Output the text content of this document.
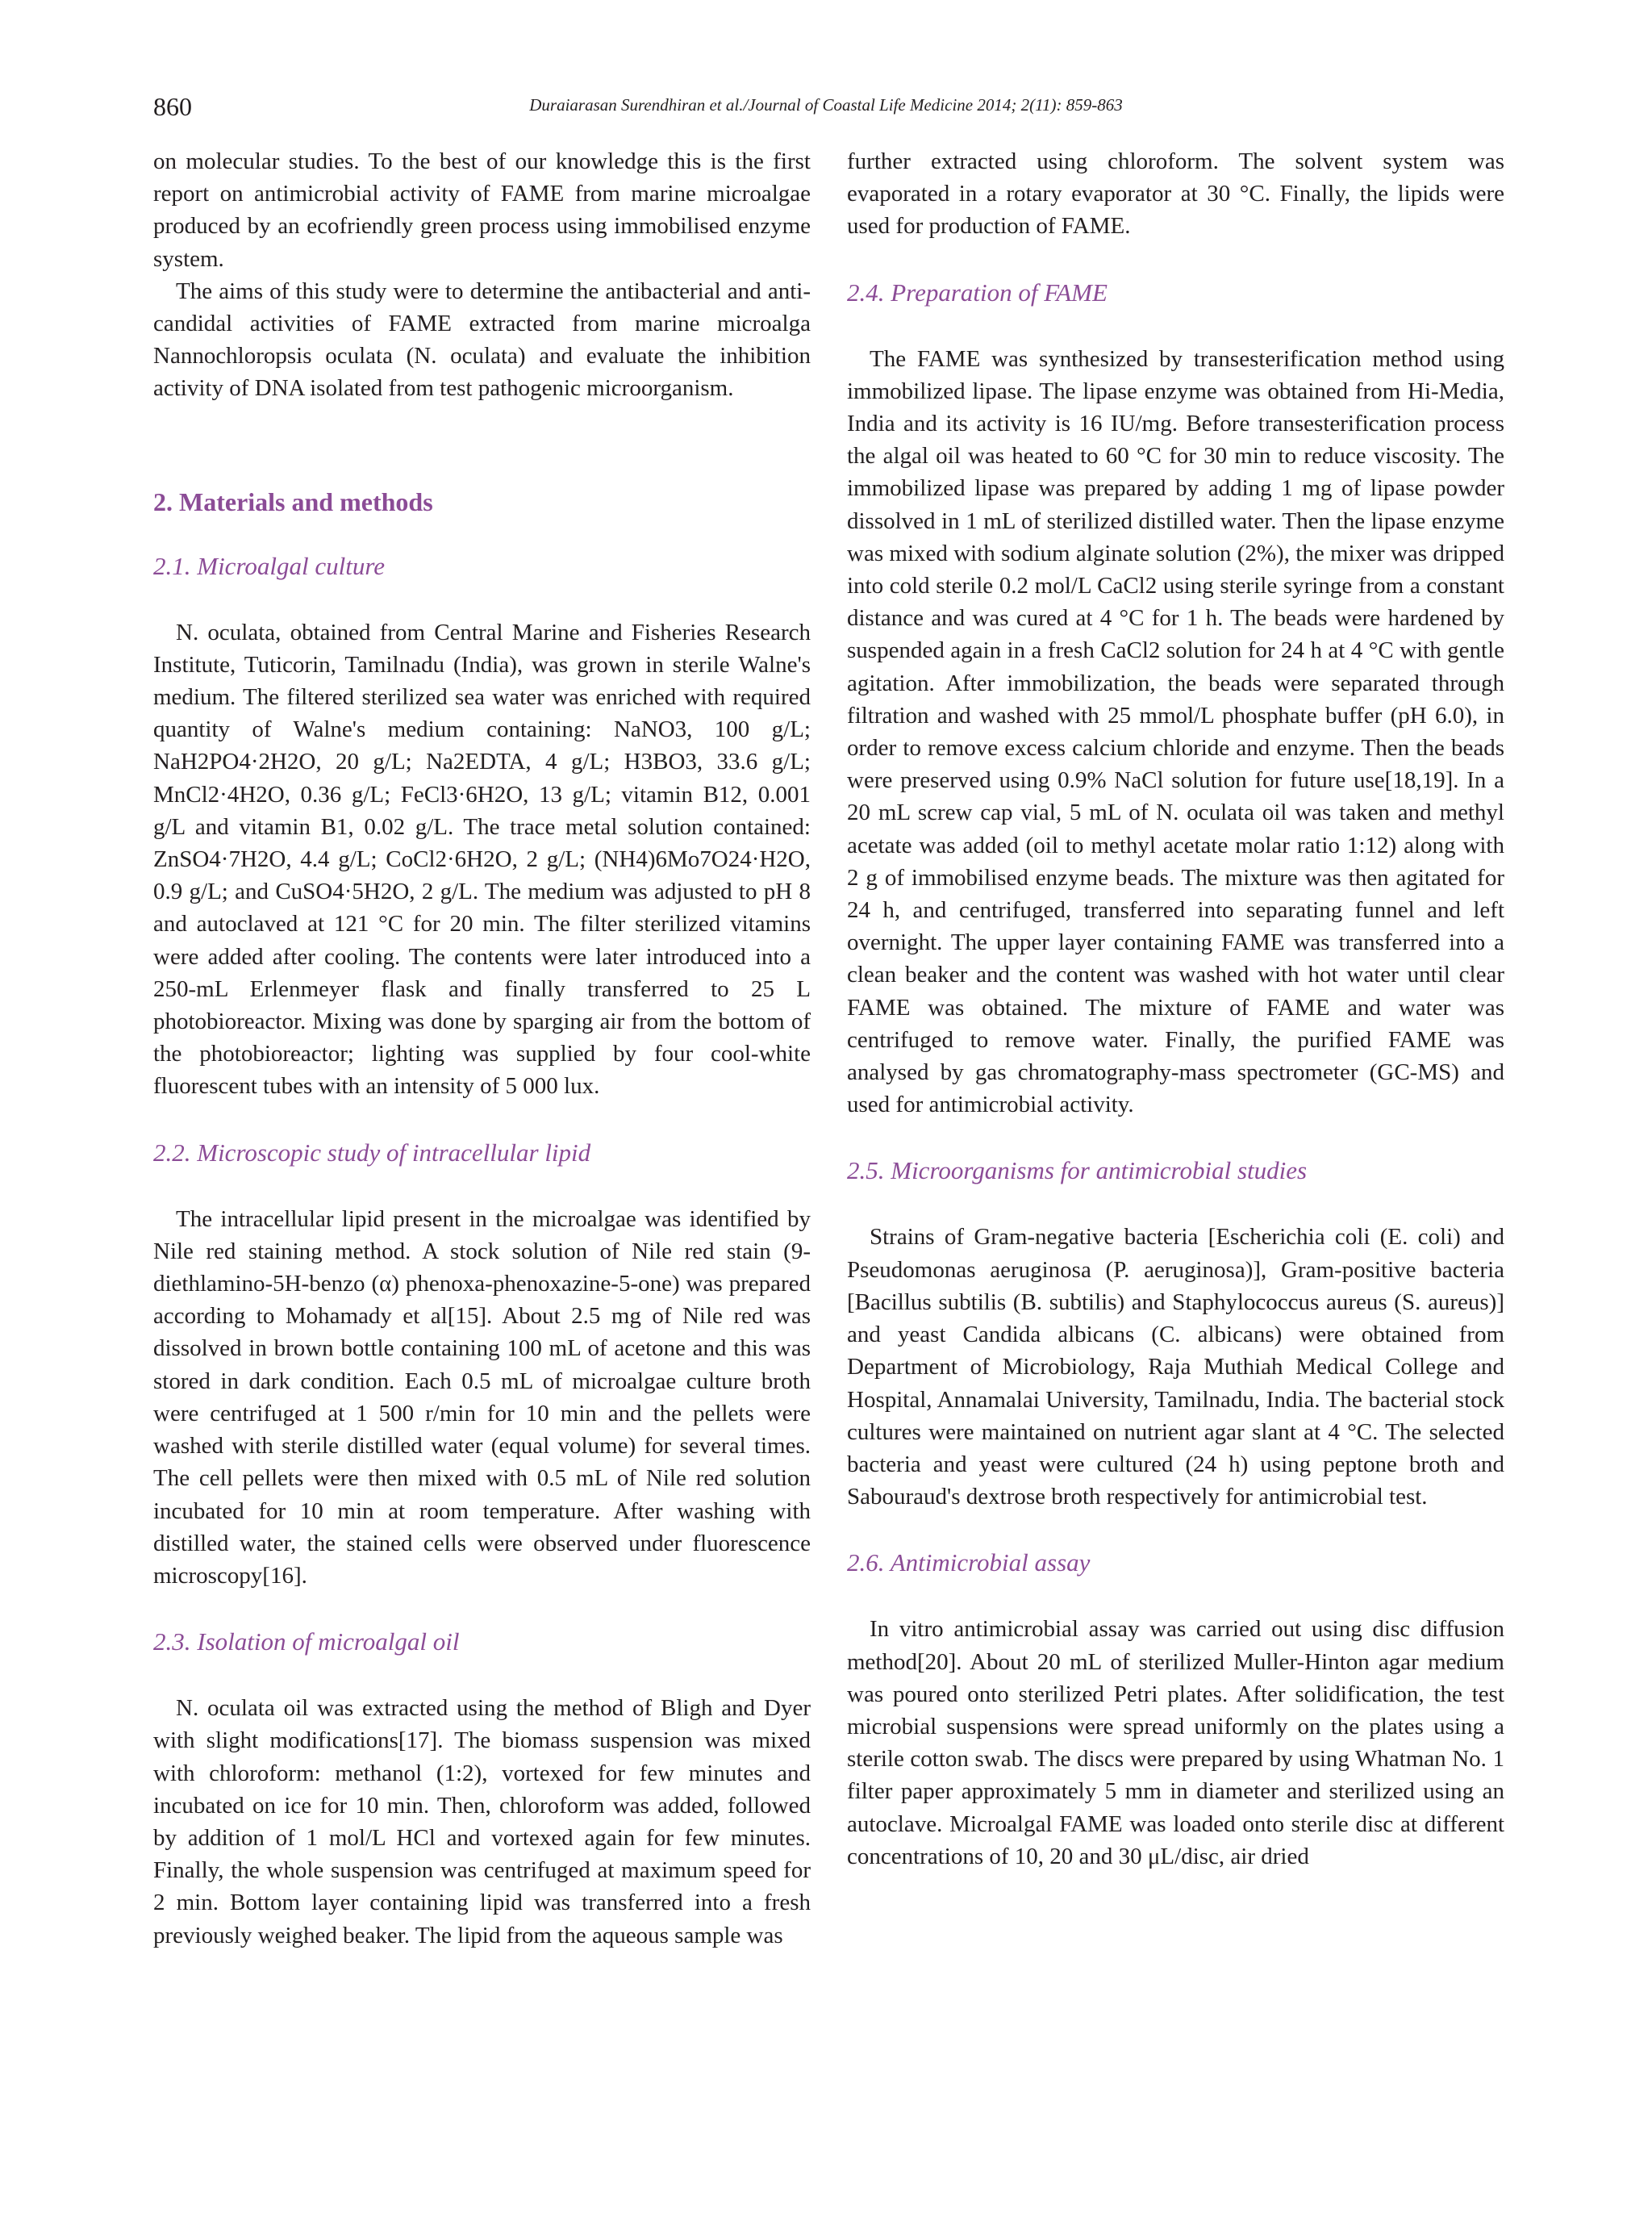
860	Duraiarasan Surendhiran et al./Journal of Coastal Life Medicine 2014; 2(11): 859-863

on molecular studies. To the best of our knowledge this is the first report on antimicrobial activity of FAME from marine microalgae produced by an ecofriendly green process using immobilised enzyme system.

The aims of this study were to determine the antibacterial and anti-candidal activities of FAME extracted from marine microalga Nannochloropsis oculata (N. oculata) and evaluate the inhibition activity of DNA isolated from test pathogenic microorganism.

2. Materials and methods
2.1. Microalgal culture

N. oculata, obtained from Central Marine and Fisheries Research Institute, Tuticorin, Tamilnadu (India), was grown in sterile Walne's medium. The filtered sterilized sea water was enriched with required quantity of Walne's medium containing: NaNO3, 100 g/L; NaH2PO4·2H2O, 20 g/L; Na2EDTA, 4 g/L; H3BO3, 33.6 g/L; MnCl2·4H2O, 0.36 g/L; FeCl3·6H2O, 13 g/L; vitamin B12, 0.001 g/L and vitamin B1, 0.02 g/L. The trace metal solution contained: ZnSO4·7H2O, 4.4 g/L; CoCl2·6H2O, 2 g/L; (NH4)6Mo7O24·H2O, 0.9 g/L; and CuSO4·5H2O, 2 g/L. The medium was adjusted to pH 8 and autoclaved at 121 °C for 20 min. The filter sterilized vitamins were added after cooling. The contents were later introduced into a 250-mL Erlenmeyer flask and finally transferred to 25 L photobioreactor. Mixing was done by sparging air from the bottom of the photobioreactor; lighting was supplied by four cool-white fluorescent tubes with an intensity of 5 000 lux.

2.2. Microscopic study of intracellular lipid

The intracellular lipid present in the microalgae was identified by Nile red staining method. A stock solution of Nile red stain (9-diethlamino-5H-benzo (α) phenoxa-phenoxazine-5-one) was prepared according to Mohamady et al[15]. About 2.5 mg of Nile red was dissolved in brown bottle containing 100 mL of acetone and this was stored in dark condition. Each 0.5 mL of microalgae culture broth were centrifuged at 1 500 r/min for 10 min and the pellets were washed with sterile distilled water (equal volume) for several times. The cell pellets were then mixed with 0.5 mL of Nile red solution incubated for 10 min at room temperature. After washing with distilled water, the stained cells were observed under fluorescence microscopy[16].

2.3. Isolation of microalgal oil

N. oculata oil was extracted using the method of Bligh and Dyer with slight modifications[17]. The biomass suspension was mixed with chloroform: methanol (1:2), vortexed for few minutes and incubated on ice for 10 min. Then, chloroform was added, followed by addition of 1 mol/L HCl and vortexed again for few minutes. Finally, the whole suspension was centrifuged at maximum speed for 2 min. Bottom layer containing lipid was transferred into a fresh previously weighed beaker. The lipid from the aqueous sample was

further extracted using chloroform. The solvent system was evaporated in a rotary evaporator at 30 °C. Finally, the lipids were used for production of FAME.

2.4. Preparation of FAME

The FAME was synthesized by transesterification method using immobilized lipase. The lipase enzyme was obtained from Hi-Media, India and its activity is 16 IU/mg. Before transesterification process the algal oil was heated to 60 °C for 30 min to reduce viscosity. The immobilized lipase was prepared by adding 1 mg of lipase powder dissolved in 1 mL of sterilized distilled water. Then the lipase enzyme was mixed with sodium alginate solution (2%), the mixer was dripped into cold sterile 0.2 mol/L CaCl2 using sterile syringe from a constant distance and was cured at 4 °C for 1 h. The beads were hardened by suspended again in a fresh CaCl2 solution for 24 h at 4 °C with gentle agitation. After immobilization, the beads were separated through filtration and washed with 25 mmol/L phosphate buffer (pH 6.0), in order to remove excess calcium chloride and enzyme. Then the beads were preserved using 0.9% NaCl solution for future use[18,19]. In a 20 mL screw cap vial, 5 mL of N. oculata oil was taken and methyl acetate was added (oil to methyl acetate molar ratio 1:12) along with 2 g of immobilised enzyme beads. The mixture was then agitated for 24 h, and centrifuged, transferred into separating funnel and left overnight. The upper layer containing FAME was transferred into a clean beaker and the content was washed with hot water until clear FAME was obtained. The mixture of FAME and water was centrifuged to remove water. Finally, the purified FAME was analysed by gas chromatography-mass spectrometer (GC-MS) and used for antimicrobial activity.

2.5. Microorganisms for antimicrobial studies

Strains of Gram-negative bacteria [Escherichia coli (E. coli) and Pseudomonas aeruginosa (P. aeruginosa)], Gram-positive bacteria [Bacillus subtilis (B. subtilis) and Staphylococcus aureus (S. aureus)] and yeast Candida albicans (C. albicans) were obtained from Department of Microbiology, Raja Muthiah Medical College and Hospital, Annamalai University, Tamilnadu, India. The bacterial stock cultures were maintained on nutrient agar slant at 4 °C. The selected bacteria and yeast were cultured (24 h) using peptone broth and Sabouraud's dextrose broth respectively for antimicrobial test.

2.6. Antimicrobial assay

In vitro antimicrobial assay was carried out using disc diffusion method[20]. About 20 mL of sterilized Muller-Hinton agar medium was poured onto sterilized Petri plates. After solidification, the test microbial suspensions were spread uniformly on the plates using a sterile cotton swab. The discs were prepared by using Whatman No. 1 filter paper approximately 5 mm in diameter and sterilized using an autoclave. Microalgal FAME was loaded onto sterile disc at different concentrations of 10, 20 and 30 μL/disc, air dried
